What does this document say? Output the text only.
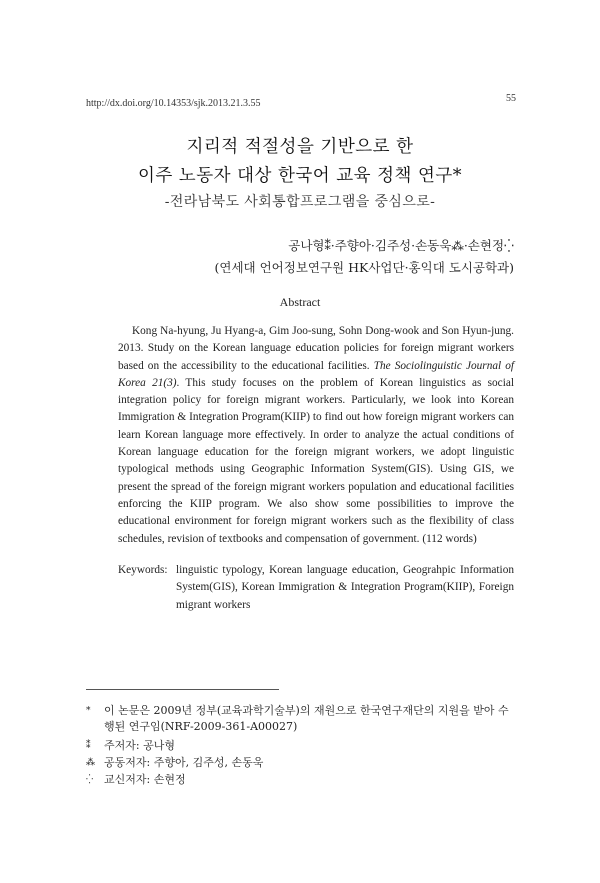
http://dx.doi.org/10.14353/sjk.2013.21.3.55	55
지리적 적절성을 기반으로 한
이주 노동자 대상 한국어 교육 정책 연구*
-전라남북도 사회통합프로그램을 중심으로-
공나형⁑·주향아·김주성·손동욱⁂·손현정⁛
(연세대 언어정보연구원 HK사업단·홍익대 도시공학과)
Abstract
Kong Na-hyung, Ju Hyang-a, Gim Joo-sung, Sohn Dong-wook and Son Hyun-jung. 2013. Study on the Korean language education policies for foreign migrant workers based on the accessibility to the educational facilities. The Sociolinguistic Journal of Korea 21(3). This study focuses on the problem of Korean linguistics as social integration policy for foreign migrant workers. Particularly, we look into Korean Immigration & Integration Program(KIIP) to find out how foreign migrant workers can learn Korean language more effectively. In order to analyze the actual conditions of Korean language education for the foreign migrant workers, we adopt linguistic typological methods using Geographic Information System(GIS). Using GIS, we present the spread of the foreign migrant workers population and educational facilities enforcing the KIIP program. We also show some possibilities to improve the educational environment for foreign migrant workers such as the flexibility of class schedules, revision of textbooks and compensation of government. (112 words)
Keywords: linguistic typology, Korean language education, Geograhpic Information System(GIS), Korean Immigration & Integration Program(KIIP), Foreign migrant workers
*	이 논문은 2009년 정부(교육과학기술부)의 재원으로 한국연구재단의 지원을 받아 수행된 연구임(NRF-2009-361-A00027)
⁑	주저자: 공나형
⁂ 공동저자: 주향아, 김주성, 손동욱
⁛ 교신저자: 손현정
